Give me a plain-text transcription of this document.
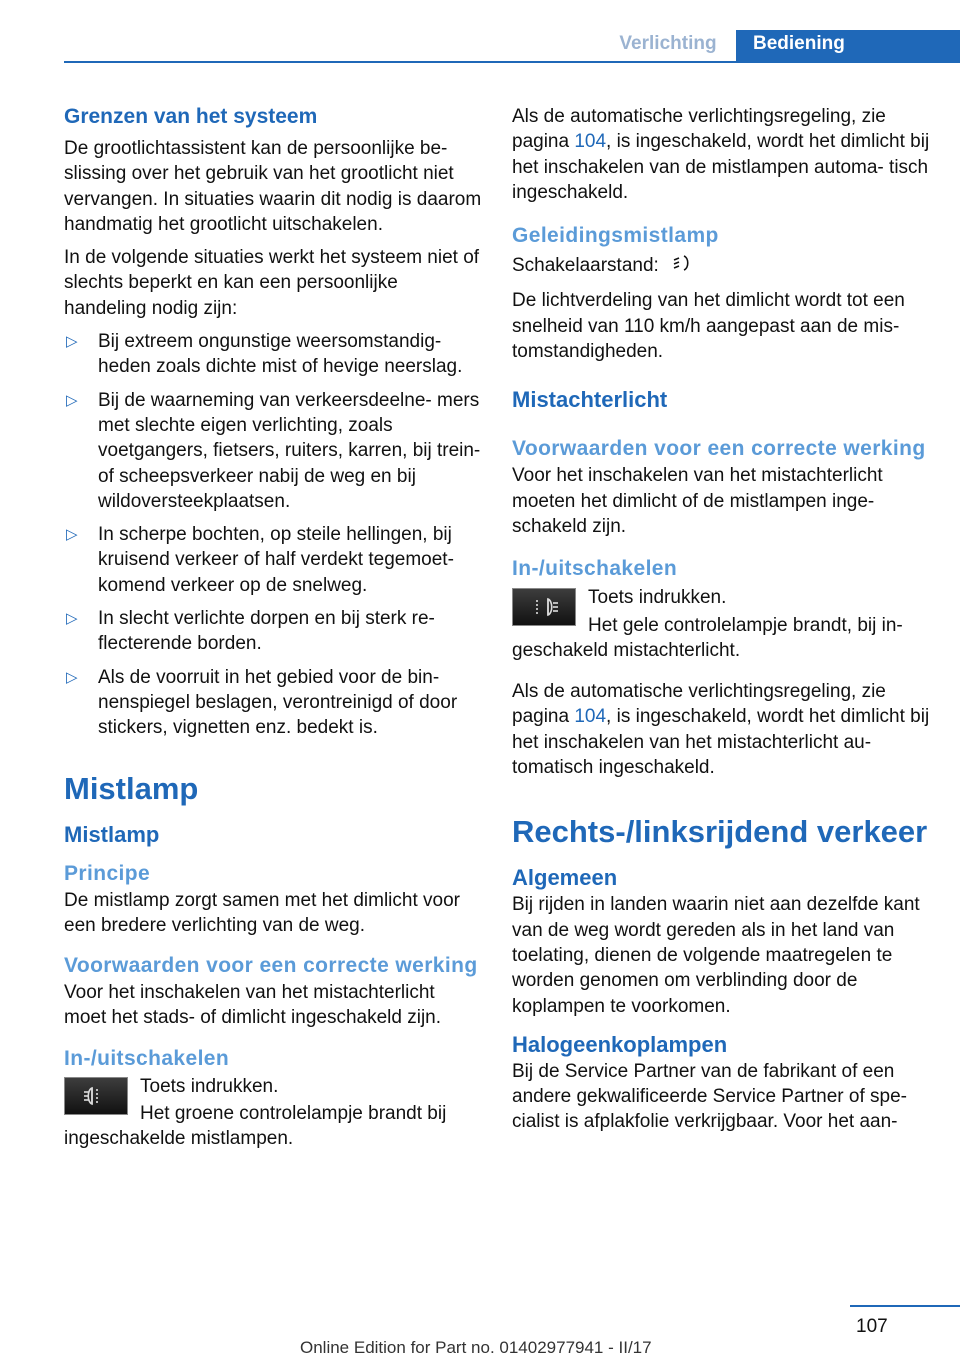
Verlichting	Bediening

Grenzen van het systeem

De grootlichtassistent kan de persoonlijke be‐ slissing over het gebruik van het grootlicht niet vervangen. In situaties waarin dit nodig is daarom handmatig het grootlicht uitschakelen.

In de volgende situaties werkt het systeem niet of slechts beperkt en kan een persoonlijke handeling nodig zijn:

▷ Bij extreem ongunstige weersomstandig‐ heden zoals dichte mist of hevige neerslag.
▷ Bij de waarneming van verkeersdeelne‐ mers met slechte eigen verlichting, zoals voetgangers, fietsers, ruiters, karren, bij trein- of scheepsverkeer nabij de weg en bij wildoversteekplaatsen.
▷ In scherpe bochten, op steile hellingen, bij kruisend verkeer of half verdekt tegemoet‐ komend verkeer op de snelweg.
▷ In slecht verlichte dorpen en bij sterk re‐ flecterende borden.
▷ Als de voorruit in het gebied voor de bin‐ nenspiegel beslagen, verontreinigd of door stickers, vignetten enz. bedekt is.

Mistlamp

Mistlamp

Principe

De mistlamp zorgt samen met het dimlicht voor een bredere verlichting van de weg.

Voorwaarden voor een correcte werking

Voor het inschakelen van het mistachterlicht moet het stads- of dimlicht ingeschakeld zijn.

In-/uitschakelen

Toets indrukken.

Het groene controlelampje brandt bij ingeschakelde mistlampen.

Als de automatische verlichtingsregeling, zie pagina 104, is ingeschakeld, wordt het dimlicht bij het inschakelen van de mistlampen automa‐ tisch ingeschakeld.

Geleidingsmistlamp

Schakelaarstand:

De lichtverdeling van het dimlicht wordt tot een snelheid van 110 km/h aangepast aan de mis‐ tomstandigheden.

Mistachterlicht

Voorwaarden voor een correcte werking

Voor het inschakelen van het mistachterlicht moeten het dimlicht of de mistlampen inge‐ schakeld zijn.

In-/uitschakelen

Toets indrukken.

Het gele controlelampje brandt, bij in‐ geschakeld mistachterlicht.

Als de automatische verlichtingsregeling, zie pagina 104, is ingeschakeld, wordt het dimlicht bij het inschakelen van het mistachterlicht au‐ tomatisch ingeschakeld.

Rechts-/linksrijdend verkeer

Algemeen

Bij rijden in landen waarin niet aan dezelfde kant van de weg wordt gereden als in het land van toelating, dienen de volgende maatregelen te worden genomen om verblinding door de koplampen te voorkomen.

Halogeenkoplampen

Bij de Service Partner van de fabrikant of een andere gekwalificeerde Service Partner of spe‐ cialist is afplakfolie verkrijgbaar. Voor het aan‐

107
Online Edition for Part no. 01402977941 - II/17
